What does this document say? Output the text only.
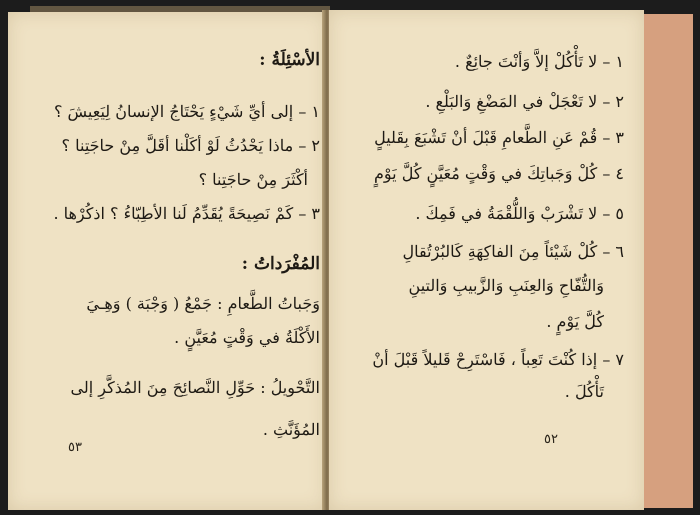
الأسْئِلَةُ :
١ – إلى أيِّ شَيْءٍ يَحْتَاجُ الإنسانُ لِيَعِيشَ ؟
٢ – ماذا يَحْدُثُ لَوْ أكَلْنا أقَلَّ مِنْ حاجَتِنا ؟
أكْثَرَ مِنْ حاجَتِنا ؟
٣ – كَمْ نَصِيحَةً يُقَدِّمُ لَنا الأطِبّاءُ ؟ اذكُرْها .
المُفْرَداتُ :
وَجَباتُ الطَّعامِ : جَمْعُ ( وَجْبَة ) وَهِـيَ
الأَكْلَةُ في وَقْتٍ مُعَيَّنٍ .
التَّحْويلُ : حَوِّلِ النَّصائِحَ مِنَ المُذكَّرِ إلى
المُؤَنَّثِ .
٥٣
١ – لا تَأْكُلْ إلاَّ وَأنْتَ جائِعٌ .
٢ – لا تَعْجَلْ في المَضْغِ وَالبَلْعِ .
٣ – قُمْ عَنِ الطَّعامِ قَبْلَ أنْ تَشْبَعَ بِقَليلٍ
٤ – كُلْ وَجَباتِكَ في وَقْتٍ مُعَيَّنٍ كُلَّ يَوْمٍ
٥ – لا تَشْرَبْ وَاللُّقْمَةُ في فَمِكَ .
٦ – كُلْ شَيْئاً مِنَ الفاكِهَةِ كَالبُرْتُقالِ
وَالتُّفّاحِ وَالعِنَبِ وَالزَّبيبِ وَالتينِ
كُلَّ يَوْمٍ .
٧ – إذا كُنْتَ تَعِباً ، فَاسْتَرِحْ قَليلاً قَبْلَ أنْ
تَأْكُلَ .
٥٢
